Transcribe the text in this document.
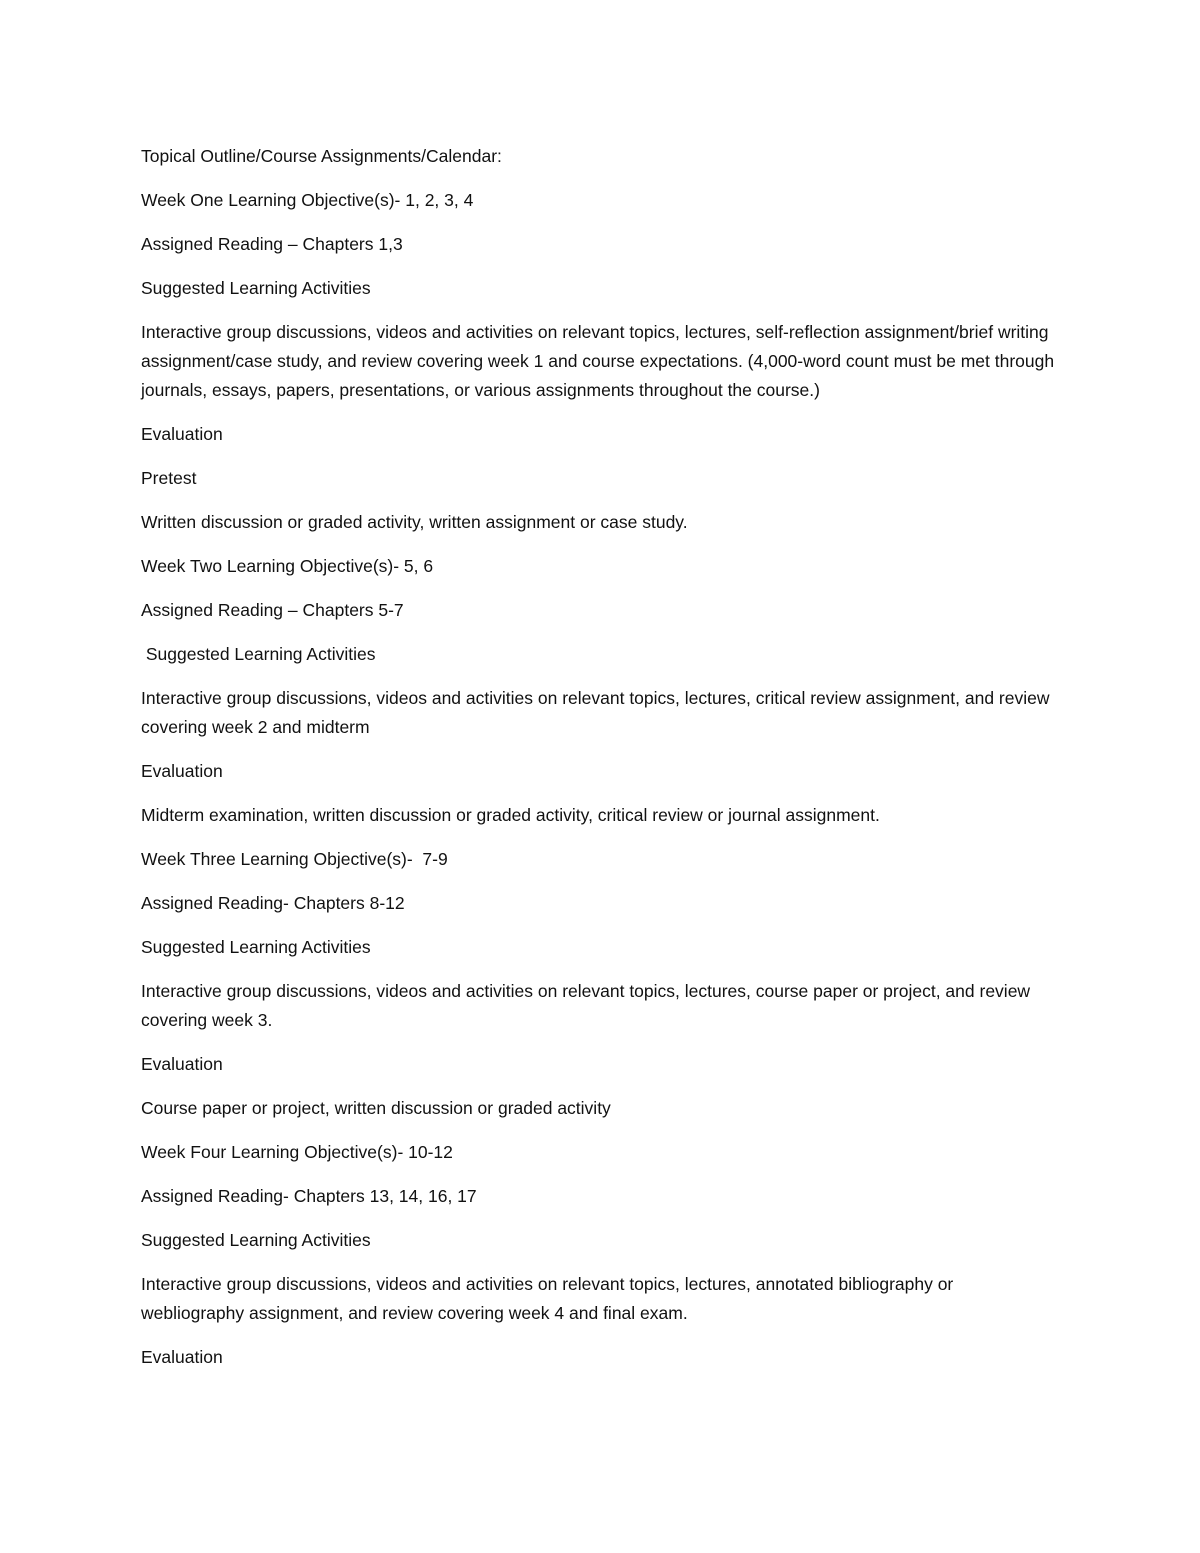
Topical Outline/Course Assignments/Calendar:

Week One Learning Objective(s)- 1, 2, 3, 4

Assigned Reading – Chapters 1,3

Suggested Learning Activities

Interactive group discussions, videos and activities on relevant topics, lectures, self-reflection assignment/brief writing assignment/case study, and review covering week 1 and course expectations. (4,000-word count must be met through journals, essays, papers, presentations, or various assignments throughout the course.)

Evaluation

Pretest

Written discussion or graded activity, written assignment or case study.

Week Two Learning Objective(s)- 5, 6

Assigned Reading – Chapters 5-7

Suggested Learning Activities

Interactive group discussions, videos and activities on relevant topics, lectures, critical review assignment, and review covering week 2 and midterm

Evaluation

Midterm examination, written discussion or graded activity, critical review or journal assignment.

Week Three Learning Objective(s)-  7-9

Assigned Reading- Chapters 8-12

Suggested Learning Activities

Interactive group discussions, videos and activities on relevant topics, lectures, course paper or project, and review covering week 3.

Evaluation

Course paper or project, written discussion or graded activity

Week Four Learning Objective(s)- 10-12

Assigned Reading- Chapters 13, 14, 16, 17

Suggested Learning Activities

Interactive group discussions, videos and activities on relevant topics, lectures, annotated bibliography or webliography assignment, and review covering week 4 and final exam.

Evaluation
